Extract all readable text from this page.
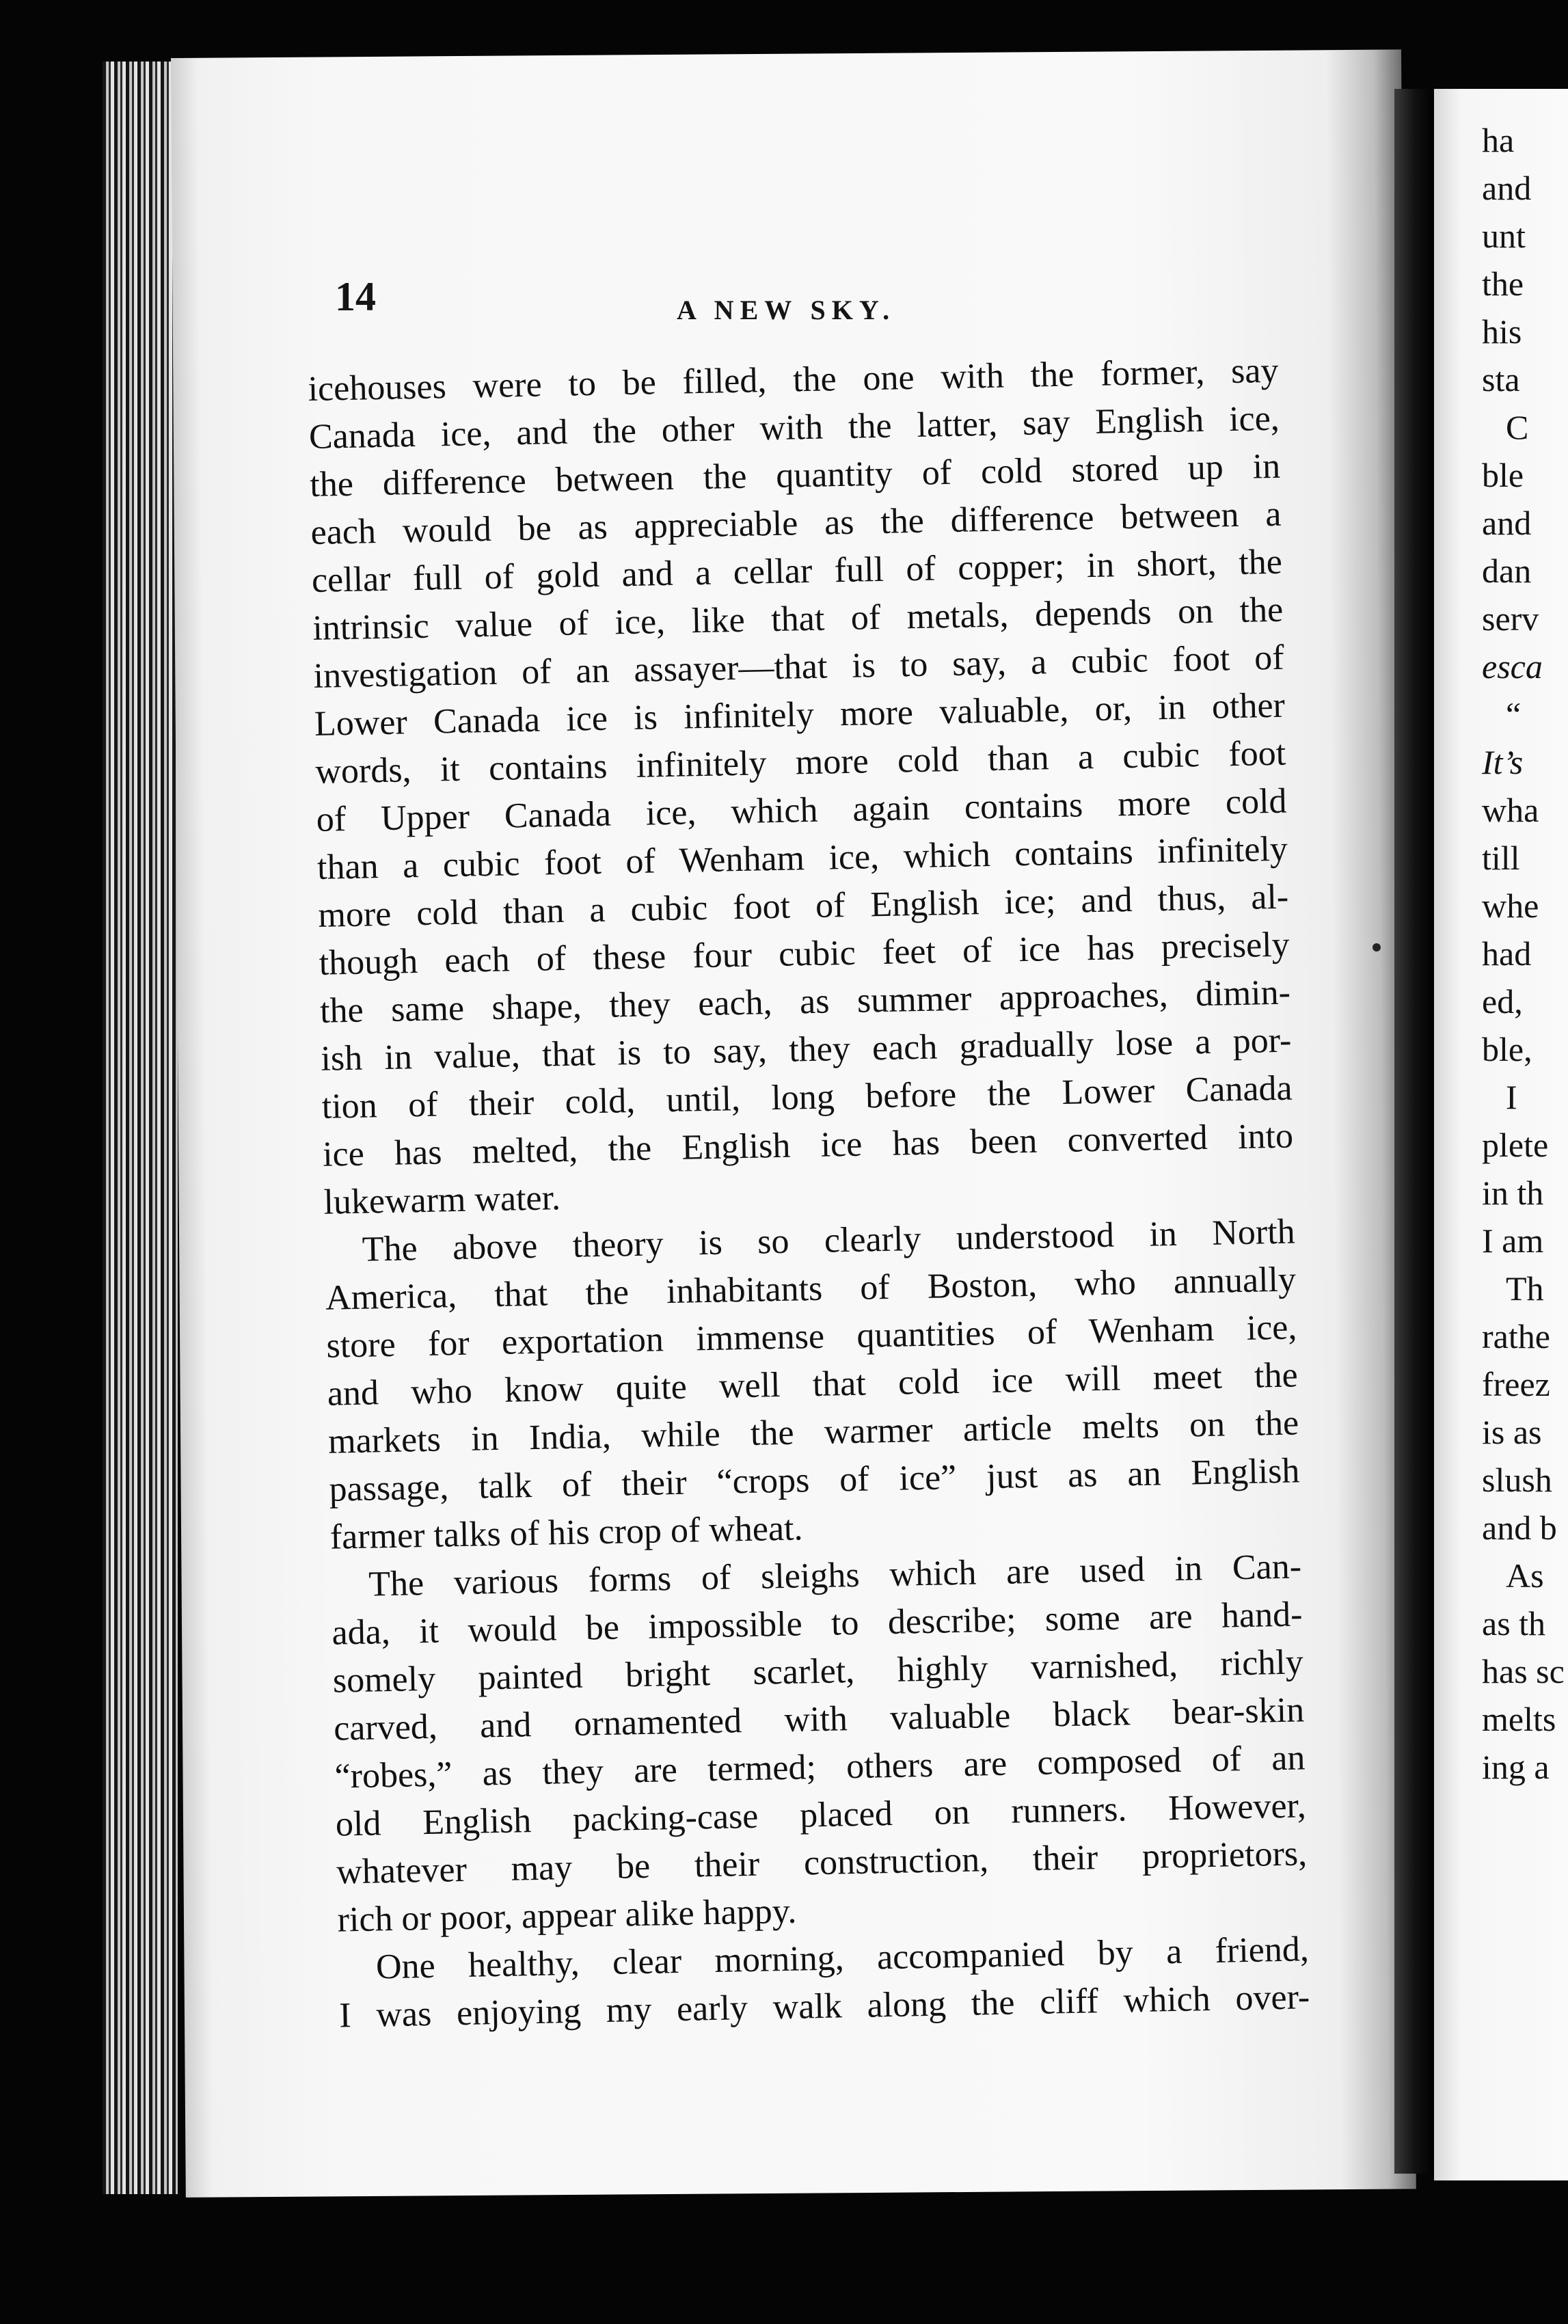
ha
and
unt
the
his
sta
C
ble
and
dan
serv
esca
“
It’s
wha
till
whe
had
ed,
ble,
I
plete
in th
I am
Th
rathe
freez
is as
slush
and b
As
as th
has sc
melts
ing a
14	A NEW SKY.
icehouses were to be filled, the one with the former, say
Canada ice, and the other with the latter, say English ice,
the difference between the quantity of cold stored up in
each would be as appreciable as the difference between a
cellar full of gold and a cellar full of copper; in short, the
intrinsic value of ice, like that of metals, depends on the
investigation of an assayer—that is to say, a cubic foot of
Lower Canada ice is infinitely more valuable, or, in other
words, it contains infinitely more cold than a cubic foot
of Upper Canada ice, which again contains more cold
than a cubic foot of Wenham ice, which contains infinitely
more cold than a cubic foot of English ice; and thus, al-
though each of these four cubic feet of ice has precisely
the same shape, they each, as summer approaches, dimin-
ish in value, that is to say, they each gradually lose a por-
tion of their cold, until, long before the Lower Canada
ice has melted, the English ice has been converted into
lukewarm water.
The above theory is so clearly understood in North
America, that the inhabitants of Boston, who annually
store for exportation immense quantities of Wenham ice,
and who know quite well that cold ice will meet the
markets in India, while the warmer article melts on the
passage, talk of their “crops of ice” just as an English
farmer talks of his crop of wheat.
The various forms of sleighs which are used in Can-
ada, it would be impossible to describe; some are hand-
somely painted bright scarlet, highly varnished, richly
carved, and ornamented with valuable black bear-skin
“robes,” as they are termed; others are composed of an
old English packing-case placed on runners. However,
whatever may be their construction, their proprietors,
rich or poor, appear alike happy.
One healthy, clear morning, accompanied by a friend,
I was enjoying my early walk along the cliff which over-
